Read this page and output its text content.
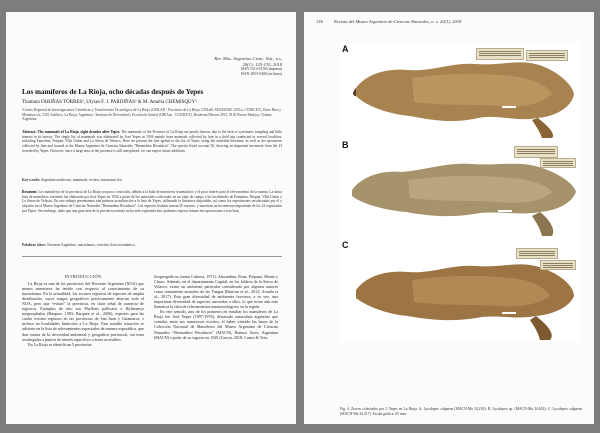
Rev. Mus. Argentino Cienc. Nat., n.s.
20(1): 125-135, 2018
ISSN 1514-5158 (impresa)
ISSN 1853-0400 (en línea)
Los mamíferos de La Rioja, ocho décadas después de Yepes
Thamara FARIÑAS TORRES¹, Ulyses F. J. PARDIÑAS² & M. Amelia CHEMISQUY¹
¹Centro Regional de Investigaciones Científicas y Transferencia Tecnológica de La Rioja (CRILAR - Provincia de La Rioja, UNLaR, SEGEMAR, UNCa, CONICET), Entre Ríos y Mendoza s/n, 5301 Anillaco, La Rioja, Argentina. ²Instituto de Diversidad y Evolución Austral (IDEAus - CONICET), Boulevard Brown 2915, 9120 Puerto Madryn, Chubut, Argentina.
Abstract: The mammals of La Rioja, eight decades after Yepes. The mammals of the Province of La Rioja are poorly known, due to the lack of systematic sampling and little interest in its survey. The single list of mammals was elaborated by José Yepes in 1936 mainly from materials collected by him in a field trip conducted in several localities, including Famatina, Patquía, Villa Unión and La Sierra de Velasco. Here we present the first update to the list of Yepes, using the available literature, as well as the specimens collected by him and housed at the Museo Argentino de Ciencias Naturales "Bernardino Rivadavia". The species listed account 50, showing an important increment from the 23 recorded by Yepes. However, since a large area of the province is still unexplored, we can expect future additions.
Key words: Argentine northwest, mammals, review, taxonomic list.
Resumen: Los mamíferos de la provincia de La Rioja son poco conocidos, debido a la falta de muestreos sistemáticos y el poco interés para el relevamiento de la misma. La única lista de mamíferos existente fue elaborada por José Yepes en 1936 a partir de los materiales colectados en un viaje de campo a las localidades de Famatina, Patquía, Villa Unión y La Sierra de Velasco. En este trabajo presentamos una primera actualización a la lista de Yepes, utilizando la literatura disponible, así como los especímenes recolectados por él y alojados en el Museo Argentino de Ciencias Naturales "Bernardino Rivadavia". Las especies listadas suman 50 taxones, y muestran un incremento importante de los 23 registrados por Yepes. Sin embargo, dado que una gran área de la provincia todavía no ha sido explorada aún, podemos esperar futuras incorporaciones a esta lista.
Palabras clave: Noroeste Argentino, mastofauna, revisión, lista taxonómica.
INTRODUCCIÓN

La Rioja es una de las provincias del Noroeste Argentino (NOA) que menos muestreos ha tenido con respecto al conocimiento de su mastofauna. En la actualidad, los escasos registros de especies de amplia distribución, cuyos rangos geográficos prácticamente abarcan todo el NOA, pero que “evitan” la provincia, en clara señal de ausencia de registros. Ejemplos de esto son Phyllotis pollicaris o Hylaeamys megacephalus (Barquez, 1983; Barquez et al., 2006), especies para las cuales existen registros en las provincias de San Juan y Catamarca, e incluso en localidades limítrofes a La Rioja. Esta notable situación se advierte en la lista de relevamientos espaciados de manera esporádica, que dan cuenta de la diversidad ambiental y geográfica provincial, sin estar restringidos a puntos de interés específico o áreas accesibles.

En La Rioja se identifican 5 provincias

fitogeográficas (sensu Cabrera, 1971): Altoandina, Puna, Prepuna, Monte y Chaco. Además, en el departamento Capital, en los faldeos de la Sierra de Velasco, existe un ambiente particular considerado por algunos autores como remanentes australes de las Yungas (Biurrun et al., 2012; Aranda et al., 2017). Esta gran diversidad de ambientes favorece, a su vez, una importante diversidad de especies asociadas a ellos, lo que torna aún más llamativa la falta de relevamientos mastozoológicos en la región.

En este sentido, uno de los primeros en estudiar los mamíferos de La Rioja fue José Yepes (1897-1976), destacado naturalista argentino que contaba, entre sus numerosos escritos, el haber visitado las bases de la Colección Nacional de Mamíferos del Museo Argentino de Ciencias Naturales “Bernardino Rivadavia” (MACN), Buenos Aires, Argentina (MACN) a partir de su ingreso en 1928 (García, 2018; Casini & Teta,

126 Revista del Museo Argentino de Ciencias Naturales, n. s. 20(1), 2018
A
B
C
Fig. 4. Zorros colectados por J. Yepes en La Rioja. A. Lycalopex culpaeus (MACN-Ma 34.210); B. Lycalopex sp. (MACN-Ma 34.652); C. Lycalopex culpaeus (MACN-Ma 34.217). Escala gráfica: 05 mm.
